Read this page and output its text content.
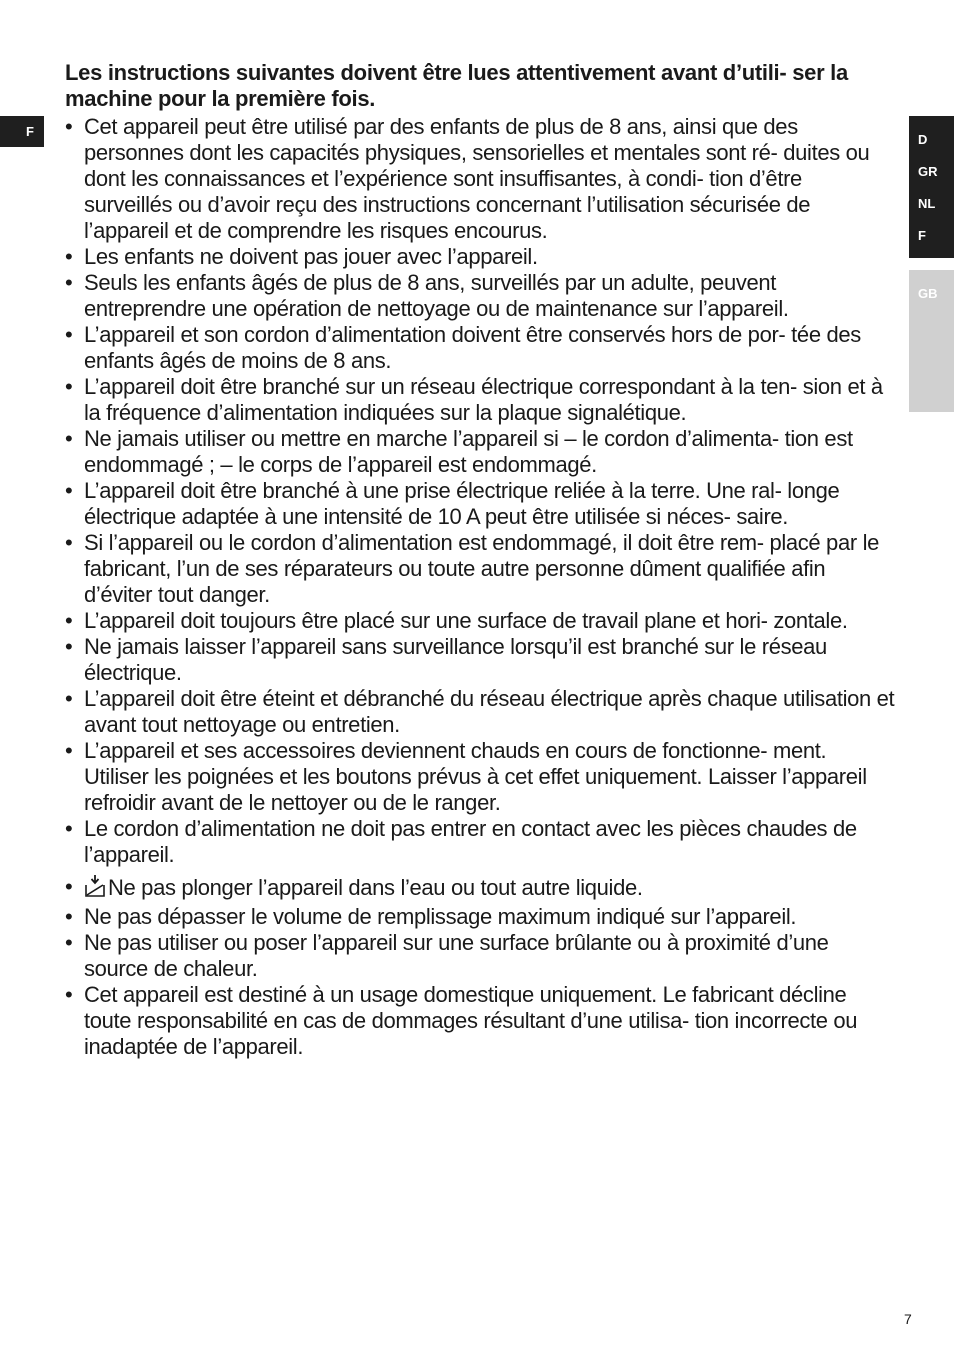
F
D
GR
NL
F
GB

Les instructions suivantes doivent être lues attentivement avant d’utili- ser la machine pour la première fois.

• Cet appareil peut être utilisé par des enfants de plus de 8 ans, ainsi que des personnes dont les capacités physiques, sensorielles et mentales sont ré- duites ou dont les connaissances et l’expérience sont insuffisantes, à condi- tion d’être surveillés ou d’avoir reçu des instructions concernant l’utilisation sécurisée de l’appareil et de comprendre les risques encourus.
• Les enfants ne doivent pas jouer avec l’appareil.
• Seuls les enfants âgés de plus de 8 ans, surveillés par un adulte, peuvent entreprendre une opération de nettoyage ou de maintenance sur l’appareil.
• L’appareil et son cordon d’alimentation doivent être conservés hors de por- tée des enfants âgés de moins de 8 ans.
• L’appareil doit être branché sur un réseau électrique correspondant à la ten- sion et à la fréquence d’alimentation indiquées sur la plaque signalétique.
• Ne jamais utiliser ou mettre en marche l’appareil si – le cordon d’alimenta- tion est endommagé ; – le corps de l’appareil est endommagé.
• L’appareil doit être branché à une prise électrique reliée à la terre. Une ral- longe électrique adaptée à une intensité de 10 A peut être utilisée si néces- saire.
• Si l’appareil ou le cordon d’alimentation est endommagé, il doit être rem- placé par le fabricant, l’un de ses réparateurs ou toute autre personne dûment qualifiée afin d’éviter tout danger.
• L’appareil doit toujours être placé sur une surface de travail plane et hori- zontale.
• Ne jamais laisser l’appareil sans surveillance lorsqu’il est branché sur le réseau électrique.
• L’appareil doit être éteint et débranché du réseau électrique après chaque utilisation et avant tout nettoyage ou entretien.
• L’appareil et ses accessoires deviennent chauds en cours de fonctionne- ment. Utiliser les poignées et les boutons prévus à cet effet uniquement. Laisser l’appareil refroidir avant de le nettoyer ou de le ranger.
• Le cordon d’alimentation ne doit pas entrer en contact avec les pièces chaudes de l’appareil.
• Ne pas plonger l’appareil dans l’eau ou tout autre liquide.
• Ne pas dépasser le volume de remplissage maximum indiqué sur l’appareil.
• Ne pas utiliser ou poser l’appareil sur une surface brûlante ou à proximité d’une source de chaleur.
• Cet appareil est destiné à un usage domestique uniquement. Le fabricant décline toute responsabilité en cas de dommages résultant d’une utilisa- tion incorrecte ou inadaptée de l’appareil.
7
